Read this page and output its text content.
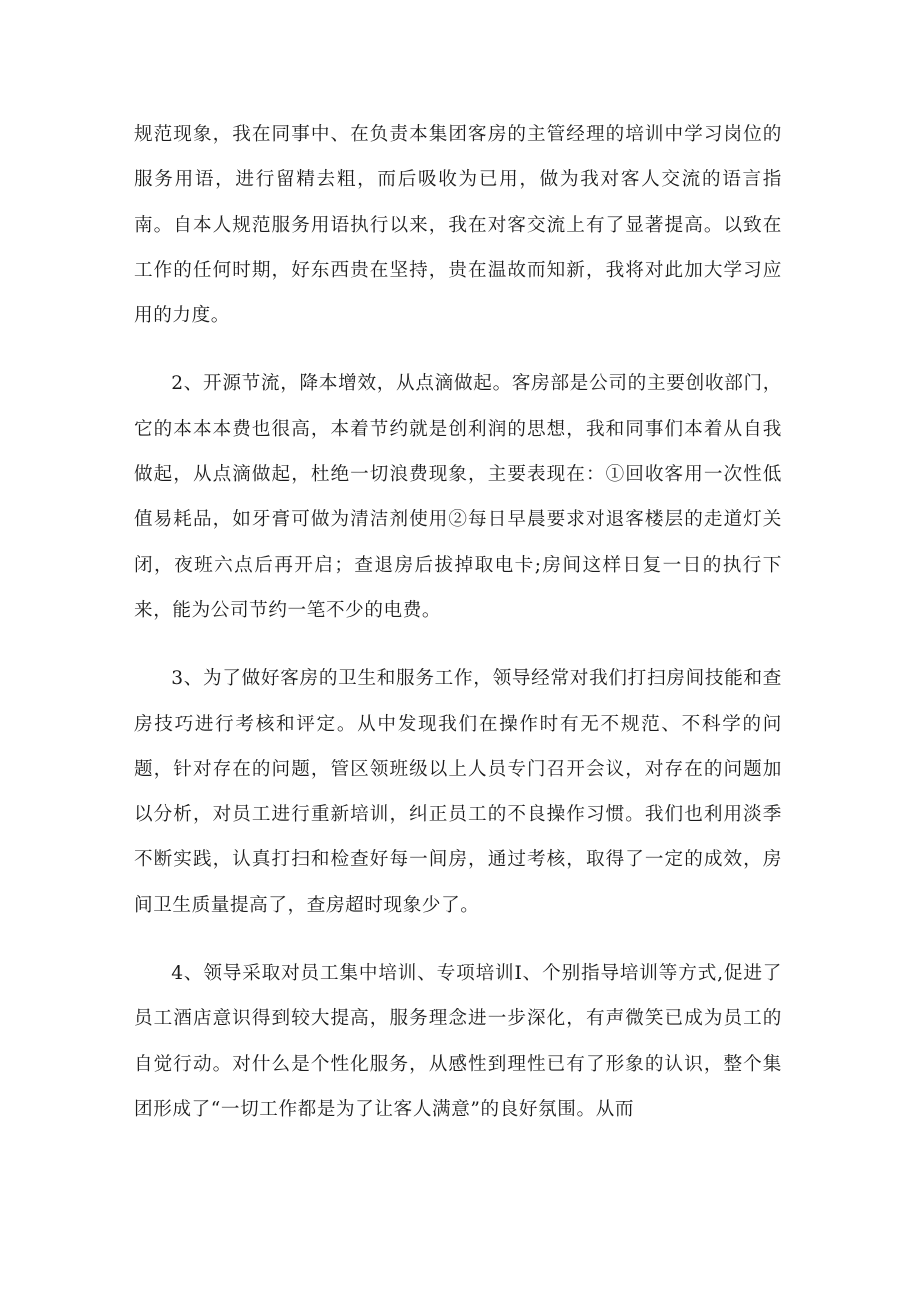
规范现象，我在同事中、在负责本集团客房的主管经理的培训中学习岗位的服务用语，进行留精去粗，而后吸收为已用，做为我对客人交流的语言指南。自本人规范服务用语执行以来，我在对客交流上有了显著提高。以致在工作的任何时期，好东西贵在坚持，贵在温故而知新，我将对此加大学习应用的力度。

2、开源节流，降本增效，从点滴做起。客房部是公司的主要创收部门，它的本本本费也很高，本着节约就是创利润的思想，我和同事们本着从自我做起，从点滴做起，杜绝一切浪费现象，主要表现在：①回收客用一次性低值易耗品，如牙膏可做为清洁剂使用②每日早晨要求对退客楼层的走道灯关闭，夜班六点后再开启；查退房后拔掉取电卡;房间这样日复一日的执行下来，能为公司节约一笔不少的电费。

3、为了做好客房的卫生和服务工作，领导经常对我们打扫房间技能和查房技巧进行考核和评定。从中发现我们在操作时有无不规范、不科学的问题，针对存在的问题，管区领班级以上人员专门召开会议，对存在的问题加以分析，对员工进行重新培训，纠正员工的不良操作习惯。我们也利用淡季不断实践，认真打扫和检查好每一间房，通过考核，取得了一定的成效，房间卫生质量提高了，查房超时现象少了。

4、领导采取对员工集中培训、专项培训I、个别指导培训等方式,促进了员工酒店意识得到较大提高，服务理念进一步深化，有声微笑已成为员工的自觉行动。对什么是个性化服务，从感性到理性已有了形象的认识，整个集团形成了“一切工作都是为了让客人满意”的良好氛围。从而
